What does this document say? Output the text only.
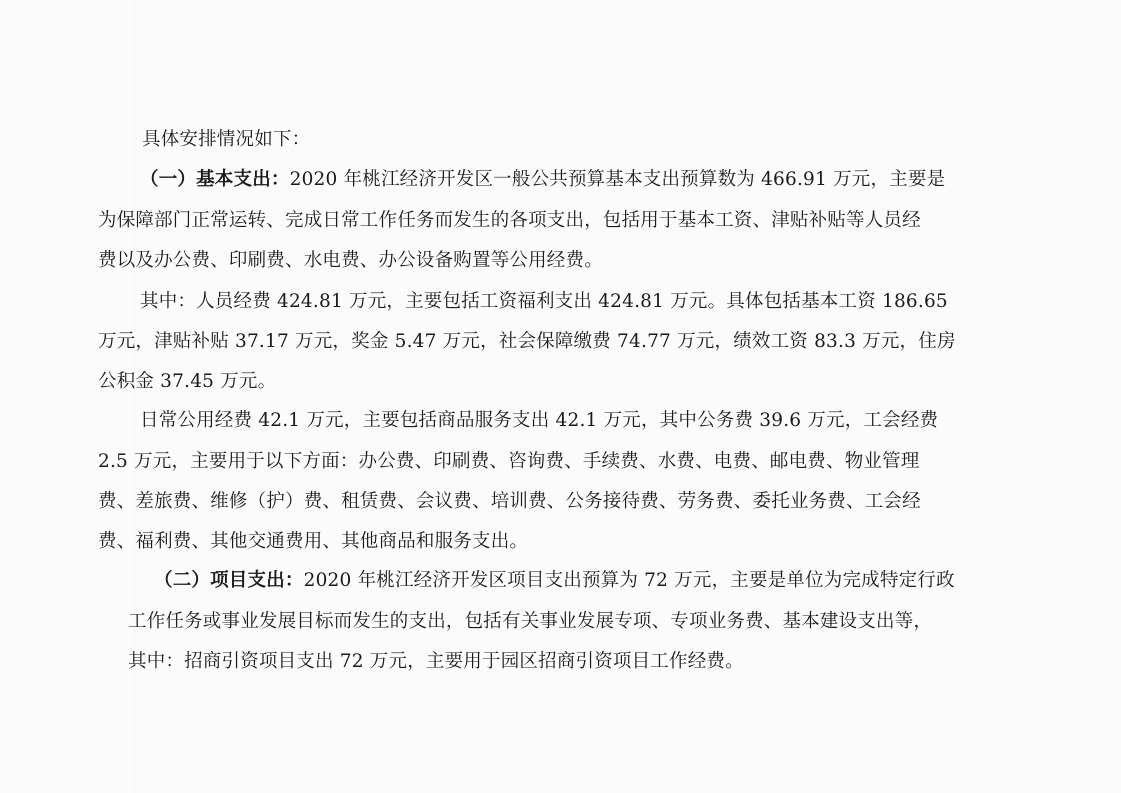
具体安排情况如下：
（一）基本支出：2020 年桃江经济开发区一般公共预算基本支出预算数为 466.91 万元，主要是
为保障部门正常运转、完成日常工作任务而发生的各项支出，包括用于基本工资、津贴补贴等人员经
费以及办公费、印刷费、水电费、办公设备购置等公用经费。
其中：人员经费 424.81 万元，主要包括工资福利支出 424.81 万元。具体包括基本工资 186.65
万元，津贴补贴 37.17 万元，奖金 5.47 万元，社会保障缴费 74.77 万元，绩效工资 83.3 万元，住房
公积金 37.45 万元。
日常公用经费 42.1 万元，主要包括商品服务支出 42.1 万元，其中公务费 39.6 万元，工会经费
2.5 万元，主要用于以下方面：办公费、印刷费、咨询费、手续费、水费、电费、邮电费、物业管理
费、差旅费、维修（护）费、租赁费、会议费、培训费、公务接待费、劳务费、委托业务费、工会经
费、福利费、其他交通费用、其他商品和服务支出。
（二）项目支出：2020 年桃江经济开发区项目支出预算为 72 万元，主要是单位为完成特定行政
工作任务或事业发展目标而发生的支出，包括有关事业发展专项、专项业务费、基本建设支出等，
其中：招商引资项目支出 72 万元，主要用于园区招商引资项目工作经费。
